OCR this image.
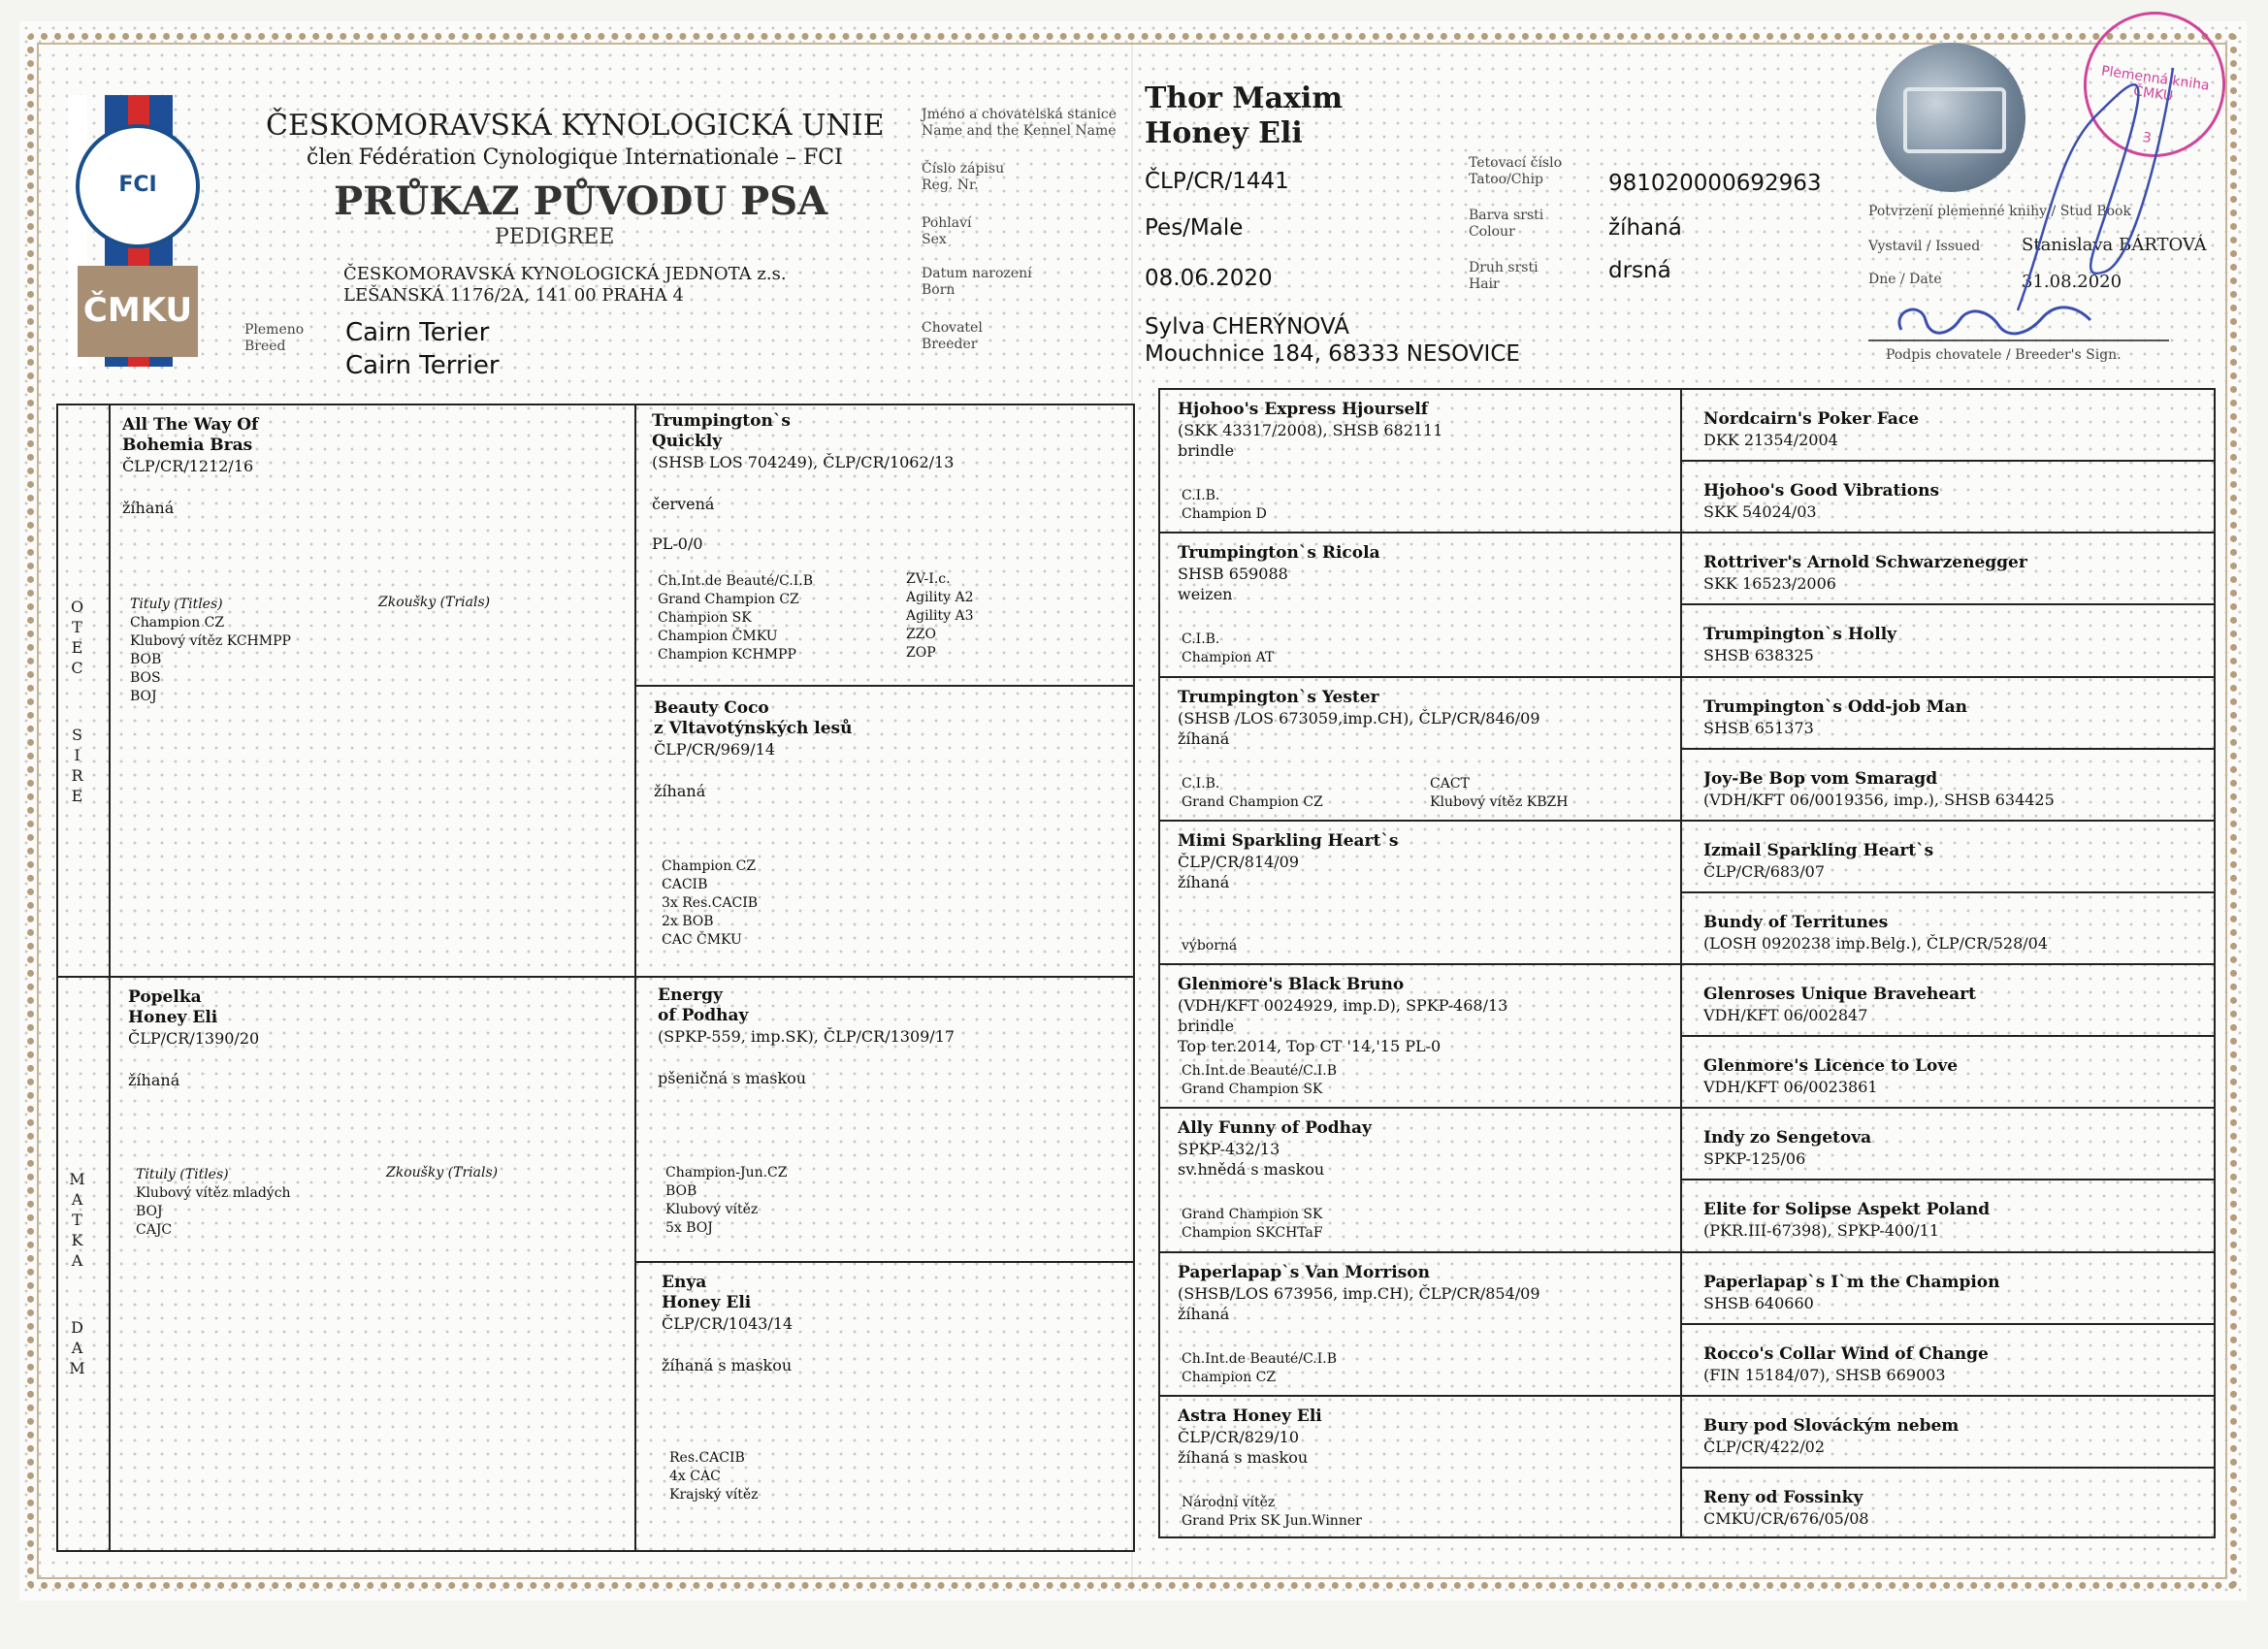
FCI
ČMKU
ČESKOMORAVSKÁ KYNOLOGICKÁ UNIE
člen Fédération Cynologique Internationale – FCI
PRŮKAZ PŮVODU PSA
PEDIGREE
ČESKOMORAVSKÁ KYNOLOGICKÁ JEDNOTA z.s.
LEŠANSKÁ 1176/2A, 141 00 PRAHA 4
Plemeno
Breed	Cairn Terier
Cairn Terrier
Jméno a chovatelská stanice
Name and the Kennel Name
Číslo zápisu
Reg. Nr.
Pohlaví
Sex
Datum narození
Born
Chovatel
Breeder
Thor Maxim
Honey Eli
ČLP/CR/1441
Pes/Male
08.06.2020
Sylva CHERÝNOVÁ
Mouchnice 184, 68333 NESOVICE
Tetovací číslo
Tatoo/Chip
Barva srsti
Colour
Druh srsti
Hair
981020000692963
žíhaná
drsná
Plemenná kniha ČMKU
3
Potvrzení plemenné knihy / Stud Book
Vystavil / Issued Stanislava BÁRTOVÁ
Dne / Date	31.08.2020
Podpis chovatele / Breeder's Sign.
OTEC
SIRE
MATKA
DAM
All The Way Of
Bohemia Bras
ČLP/CR/1212/16
žíhaná
Tituly (Titles)
Champion CZ
Klubový vítěz KCHMPP
BOB
BOS
BOJ
Zkoušky (Trials)
Popelka
Honey Eli
ČLP/CR/1390/20
žíhaná
Tituly (Titles)
Klubový vítěz mladých
BOJ
CAJC
Zkoušky (Trials)
Trumpington`s
Quickly
(SHSB LOS 704249), ČLP/CR/1062/13
červená
PL-0/0
Ch.Int.de Beauté/C.I.B
Grand Champion CZ
Champion SK
Champion ČMKU
Champion KCHMPP
ZV-I.c.
Agility A2
Agility A3
ZZO
ZOP
Beauty Coco
z Vltavotýnských lesů
ČLP/CR/969/14
žíhaná
Champion CZ
CACIB
3x Res.CACIB
2x BOB
CAC ČMKU
Energy
of Podhay
(SPKP-559, imp.SK), ČLP/CR/1309/17
pšeničná s maskou
Champion-Jun.CZ
BOB
Klubový vítěz
5x BOJ
Enya
Honey Eli
ČLP/CR/1043/14
žíhaná s maskou
Res.CACIB
4x CAC
Krajský vítěz
Hjohoo's Express Hjourself
(SKK 43317/2008), SHSB 682111
brindle
C.I.B.
Champion D
Trumpington`s Ricola
SHSB 659088
weizen
C.I.B.
Champion AT
Trumpington`s Yester
(SHSB /LOS 673059,imp.CH), ČLP/CR/846/09
žíhaná
C.I.B.
Grand Champion CZ
CACT
Klubový vítěz KBZH
Mimi Sparkling Heart`s
ČLP/CR/814/09
žíhaná
výborná
Glenmore's Black Bruno
(VDH/KFT 0024929, imp.D), SPKP-468/13
brindle
Top ter.2014, Top CT '14,'15 PL-0
Ch.Int.de Beauté/C.I.B
Grand Champion SK
Ally Funny of Podhay
SPKP-432/13
sv.hnědá s maskou
Grand Champion SK
Champion SKCHTaF
Paperlapap`s Van Morrison
(SHSB/LOS 673956, imp.CH), ČLP/CR/854/09
žíhaná
Ch.Int.de Beauté/C.I.B
Champion CZ
Astra Honey Eli
ČLP/CR/829/10
žíhaná s maskou
Národní vítěz
Grand Prix SK Jun.Winner
Nordcairn's Poker Face
DKK 21354/2004
Hjohoo's Good Vibrations
SKK 54024/03
Rottriver's Arnold Schwarzenegger
SKK 16523/2006
Trumpington`s Holly
SHSB 638325
Trumpington`s Odd-job Man
SHSB 651373
Joy-Be Bop vom Smaragd
(VDH/KFT 06/0019356, imp.), SHSB 634425
Izmail Sparkling Heart`s
ČLP/CR/683/07
Bundy of Territunes
(LOSH 0920238 imp.Belg.), ČLP/CR/528/04
Glenroses Unique Braveheart
VDH/KFT 06/002847
Glenmore's Licence to Love
VDH/KFT 06/0023861
Indy zo Sengetova
SPKP-125/06
Elite for Solipse Aspekt Poland
(PKR.III-67398), SPKP-400/11
Paperlapap`s I`m the Champion
SHSB 640660
Rocco's Collar Wind of Change
(FIN 15184/07), SHSB 669003
Bury pod Slováckým nebem
ČLP/CR/422/02
Reny od Fossinky
CMKU/CR/676/05/08
